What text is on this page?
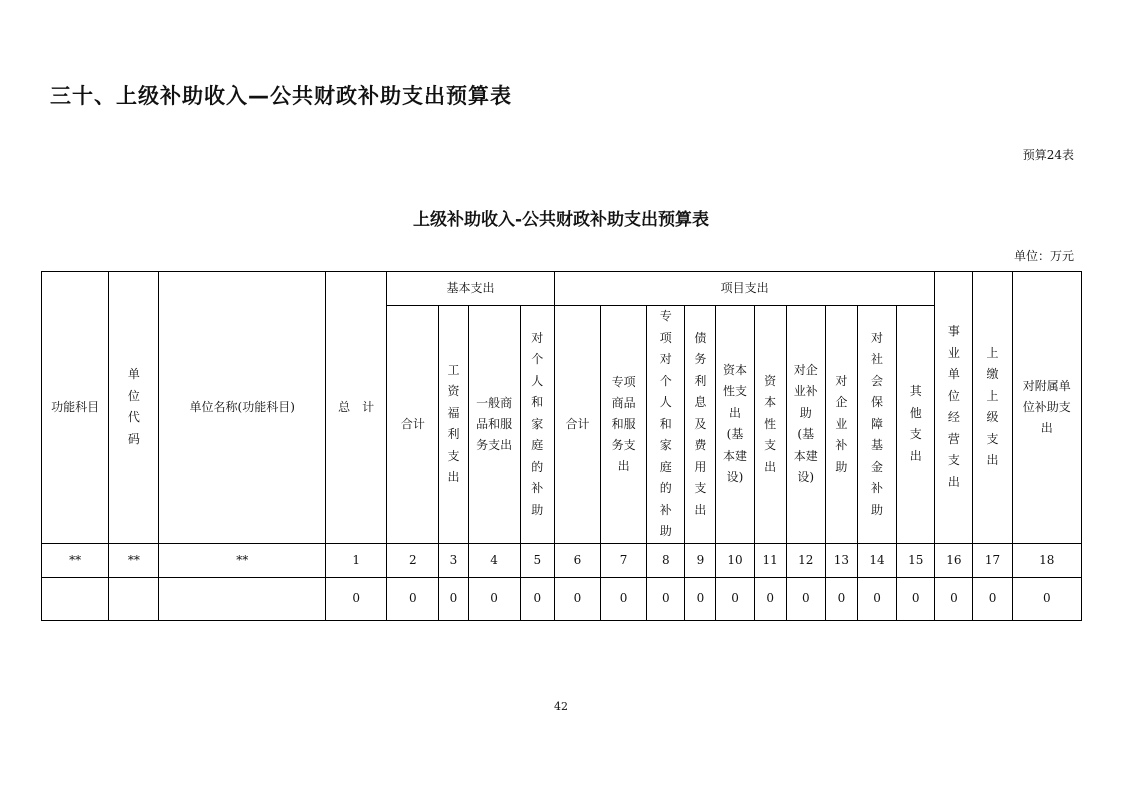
三十、上级补助收入—公共财政补助支出预算表
预算24表
上级补助收入-公共财政补助支出预算表
单位：万元
功能科目	单位代码	单位名称(功能科目)	总　计	基本支出				项目支出										事业单位经营支出	上缴上级支出	对附属单位补助支出
				合计	工资福利支出	一般商品和服务支出	对个人和家庭的补助	合计	专项商品和服务支出	专项对个人和家庭的补助	债务利息及费用支出	资本性支出(基本建设)	资本性支出	对企业补助(基本建设)	对企业补助	对社会保障基金补助	其他支出			
**	**	**	1	2	3	4	5	6	7	8	9	10	11	12	13	14	15	16	17	18
			0	0	0	0	0	0	0	0	0	0	0	0	0	0	0	0	0	0
42
